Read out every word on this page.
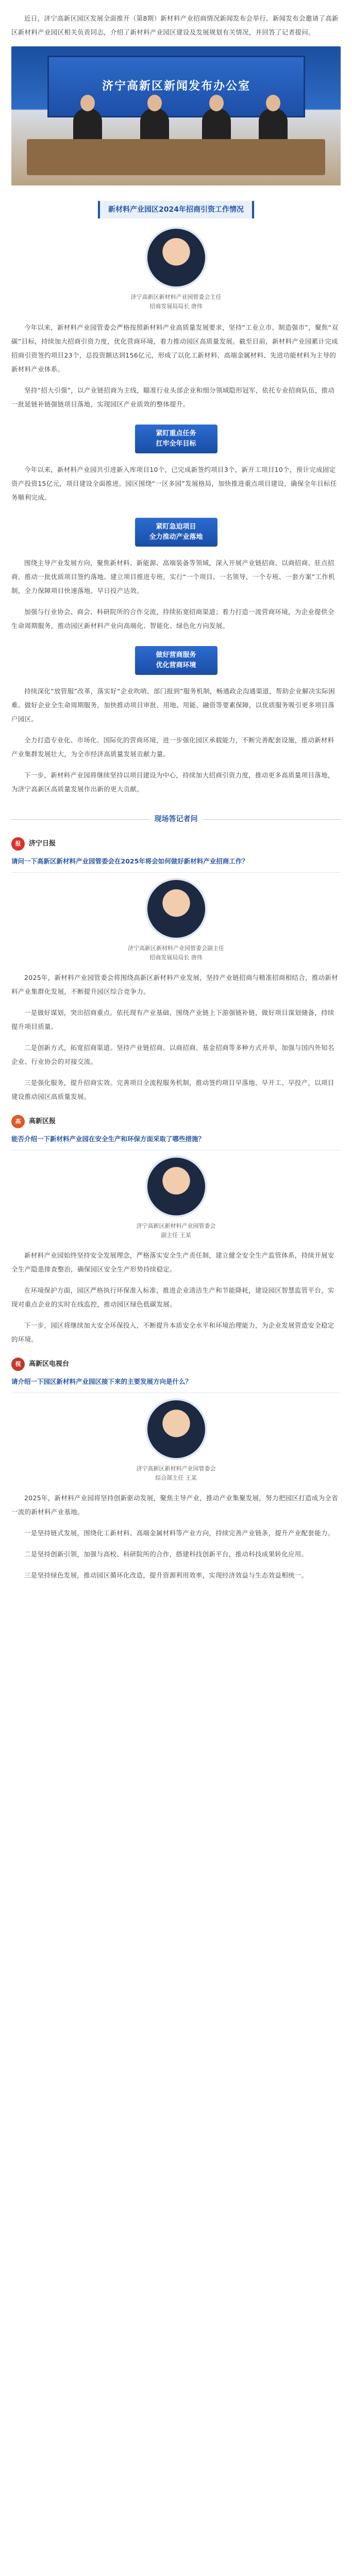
近日，济宁高新区园区发展全面推开（第8期）新材料产业招商情况新闻发布会举行。新闻发布会邀请了高新区新材料产业园区相关负责同志，介绍了新材料产业园区建设及发展规划有关情况，并回答了记者提问。

济宁高新区新闻发布办公室
新材料产业园区2024年招商引资工作情况
济宁高新区新材料产业园管委会主任
招商发展局局长 唐伟

今年以来，新材料产业园管委会严格按照新材料产业高质量发展要求，坚持“工业立市、制造强市”，聚焦“双碳”目标，持续加大招商引资力度，优化营商环境，着力推动园区高质量发展。截至目前，新材料产业园累计完成招商引资签约项目23个，总投资额达到156亿元，形成了以化工新材料、高端金属材料、先进功能材料为主导的新材料产业体系。

坚持“招大引强”，以产业链招商为主线，瞄准行业头部企业和细分领域隐形冠军，依托专业招商队伍，推动一批延链补链强链项目落地，实现园区产业质效的整体提升。

紧盯重点任务
扛牢全年目标

今年以来，新材料产业园共引进新入库项目10个，已完成新签约项目3个，新开工项目10个，预计完成固定资产投资15亿元，项目建设全面推进。园区围绕“一区多园”发展格局，加快推进重点项目建设，确保全年目标任务顺利完成。

紧盯急迫项目
全力推动产业落地

围绕主导产业发展方向，聚焦新材料、新能源、高端装备等领域，深入开展产业链招商、以商招商、驻点招商，推动一批优质项目签约落地。建立项目推进专班，实行“一个项目、一名领导、一个专班、一套方案”工作机制，全力保障项目快速落地、早日投产达效。

加强与行业协会、商会、科研院所的合作交流，持续拓宽招商渠道；着力打造一流营商环境，为企业提供全生命周期服务，推动园区新材料产业向高端化、智能化、绿色化方向发展。

做好营商服务
优化营商环境

持续深化“放管服”改革，落实好“企业吹哨、部门报到”服务机制，畅通政企沟通渠道，帮助企业解决实际困难。做好企业全生命周期服务，加快推动项目审批、用地、用能、融资等要素保障，以优质服务吸引更多项目落户园区。

全力打造专业化、市场化、国际化的营商环境，进一步强化园区承载能力，不断完善配套设施，推动新材料产业集群发展壮大，为全市经济高质量发展贡献力量。

下一步，新材料产业园将继续坚持以项目建设为中心，持续加大招商引资力度，推动更多高质量项目落地，为济宁高新区高质量发展作出新的更大贡献。

现场答记者问
报	济宁日报
请问一下高新区新材料产业园管委会在2025年将会如何做好新材料产业招商工作？
济宁高新区新材料产业园管委会副主任
招商发展局局长 唐伟

2025年，新材料产业园管委会将围绕高新区新材料产业发展，坚持产业链招商与精准招商相结合，推动新材料产业集群化发展，不断提升园区综合竞争力。

一是做好谋划，突出招商重点。依托现有产业基础，围绕产业链上下游强链补链，做好项目谋划储备，持续提升项目质量。

二是创新方式，拓宽招商渠道。坚持产业链招商、以商招商、基金招商等多种方式并举，加强与国内外知名企业、行业协会的对接交流。

三是强化服务，提升招商实效。完善项目全流程服务机制，推动签约项目早落地、早开工、早投产，以项目建设推动园区高质量发展。

高	高新区报
能否介绍一下新材料产业园在安全生产和环保方面采取了哪些措施？
济宁高新区新材料产业园管委会
副主任 王某

新材料产业园始终坚持安全发展理念，严格落实安全生产责任制，建立健全安全生产监管体系，持续开展安全生产隐患排查整治，确保园区安全生产形势持续稳定。

在环境保护方面，园区严格执行环保准入标准，推进企业清洁生产和节能降耗，建设园区智慧监管平台，实现对重点企业的实时在线监控，推动园区绿色低碳发展。

下一步，园区将继续加大安全环保投入，不断提升本质安全水平和环境治理能力，为企业发展营造安全稳定的环境。

视	高新区电视台
请介绍一下园区新材料产业园区接下来的主要发展方向是什么？
济宁高新区新材料产业园管委会
综合部主任 王某

2025年，新材料产业园将坚持创新驱动发展，聚焦主导产业，推动产业集聚发展，努力把园区打造成为全省一流的新材料产业基地。

一是坚持链式发展，围绕化工新材料、高端金属材料等产业方向，持续完善产业链条，提升产业配套能力。

二是坚持创新引领，加强与高校、科研院所的合作，搭建科技创新平台，推动科技成果转化应用。

三是坚持绿色发展，推动园区循环化改造，提升资源利用效率，实现经济效益与生态效益相统一。
